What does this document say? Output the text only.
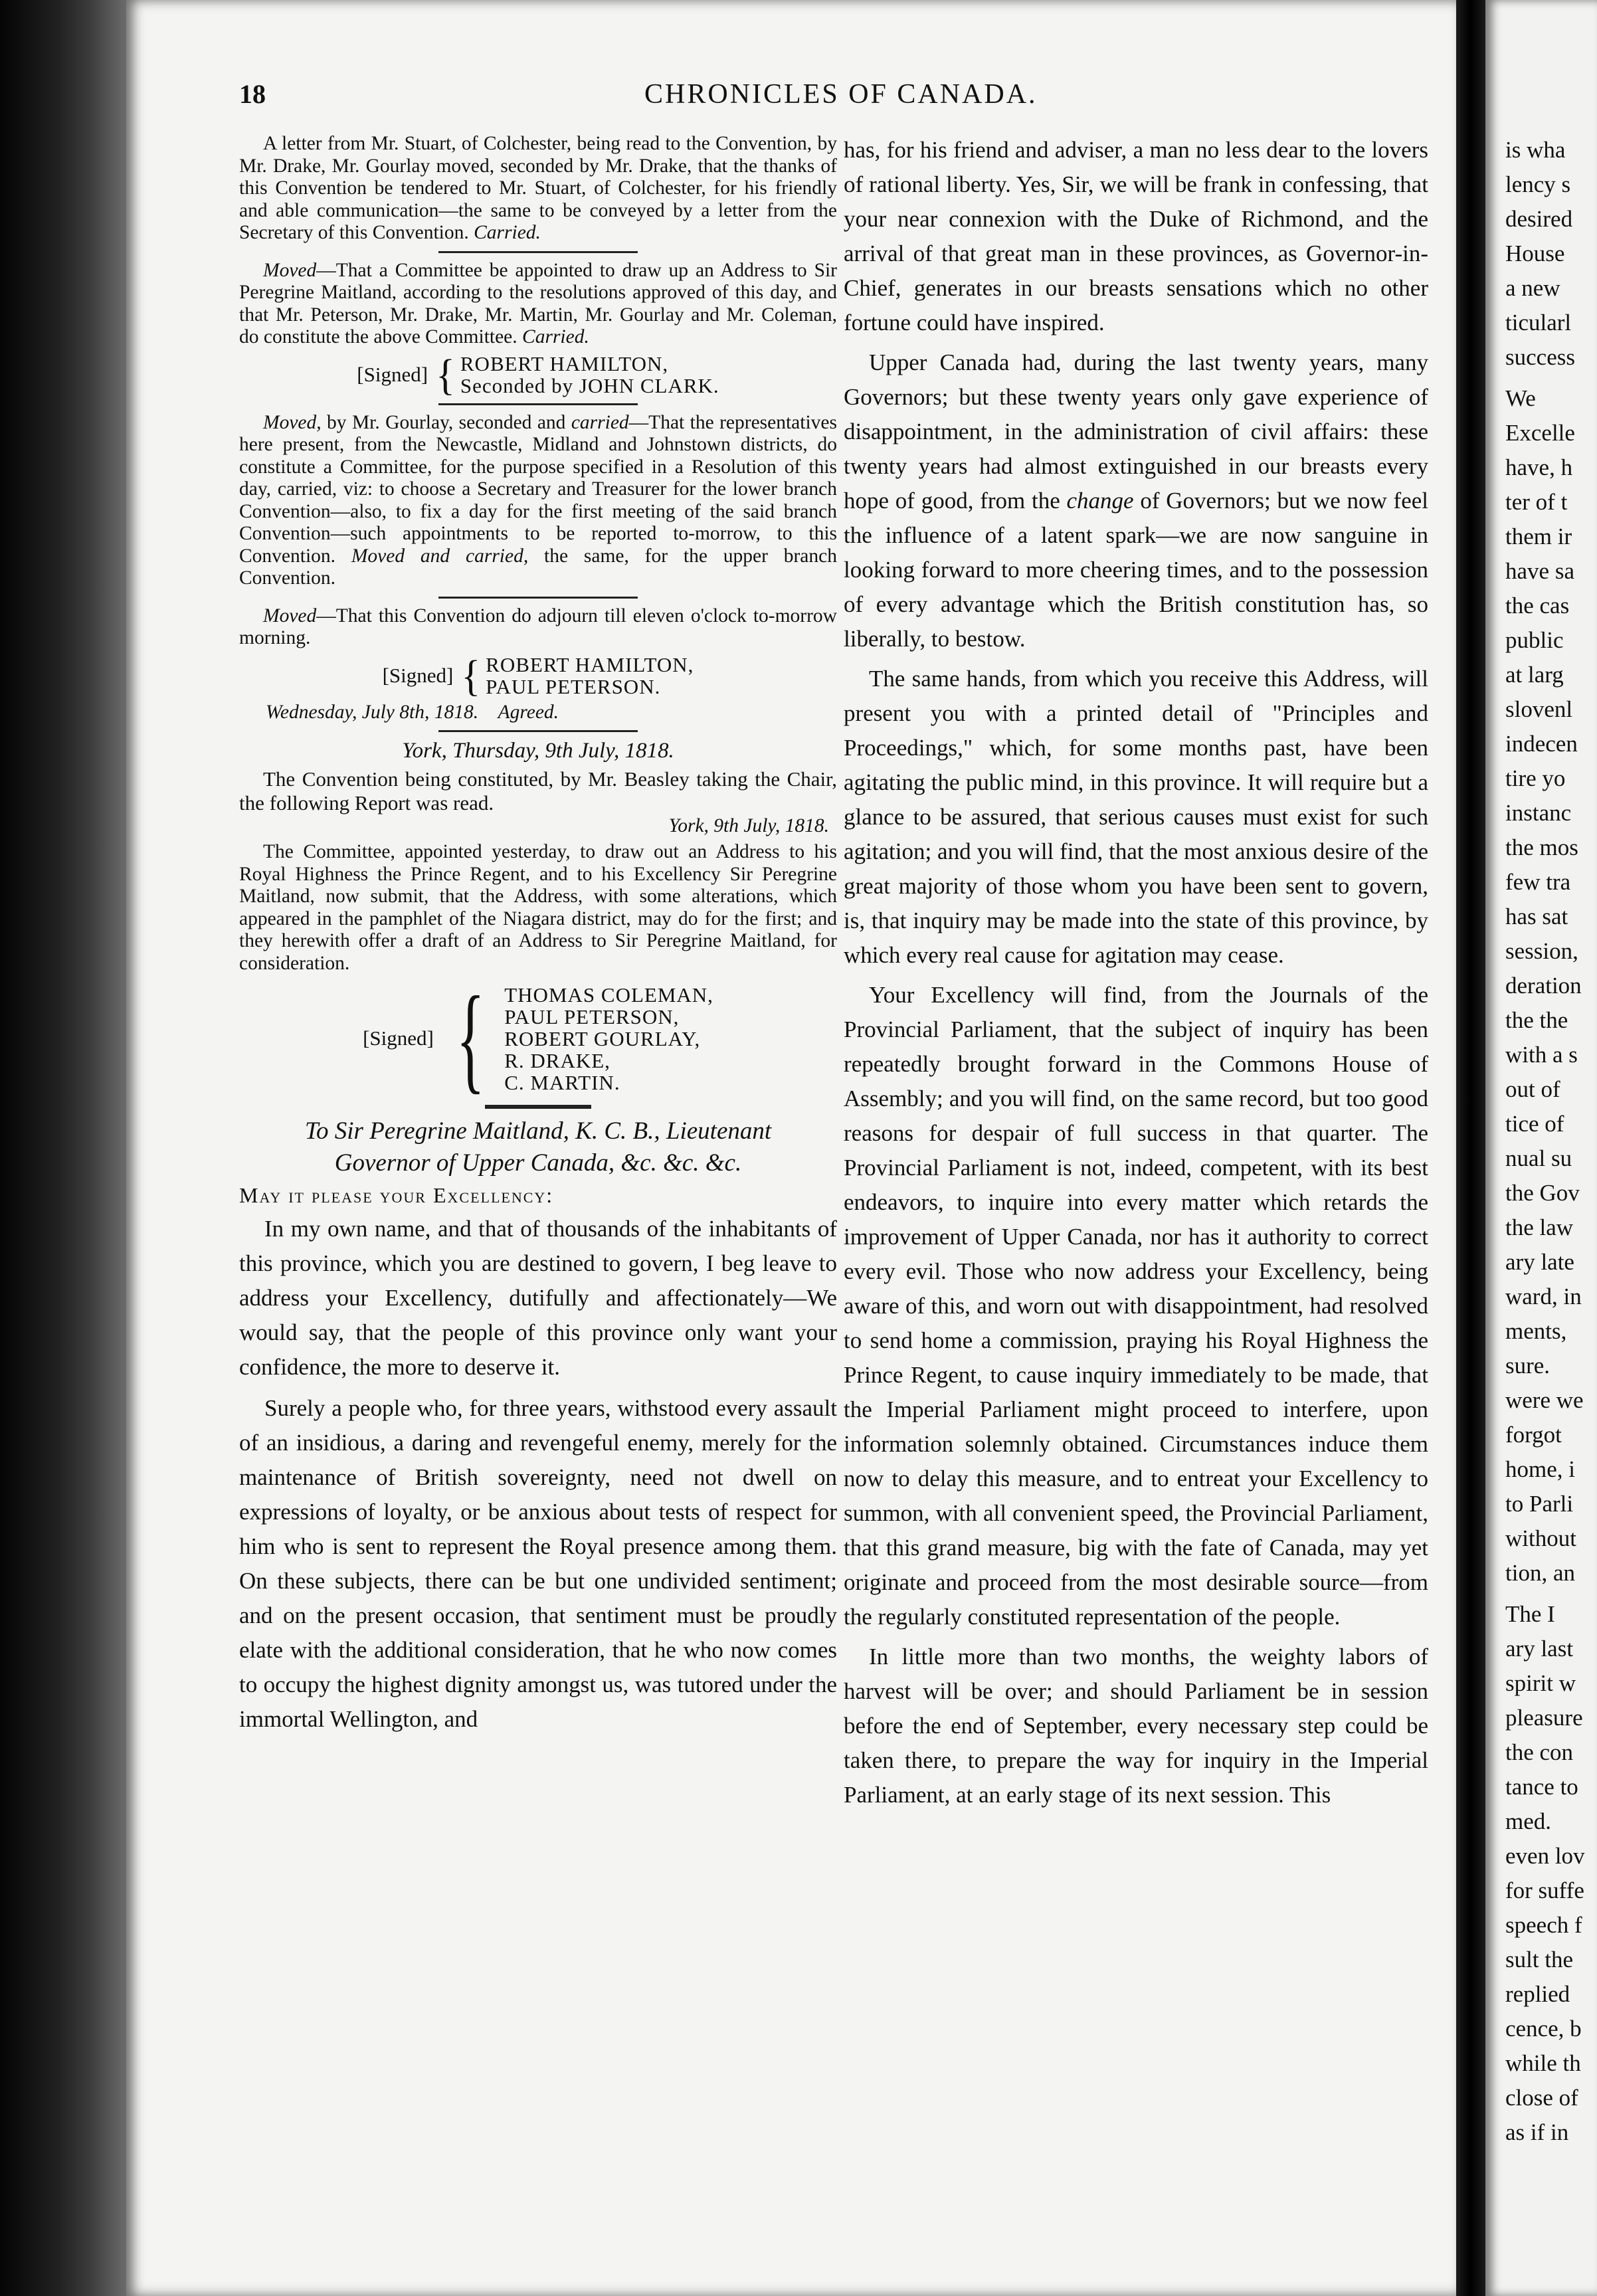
18	CHRONICLES OF CANADA.

A letter from Mr. Stuart, of Colchester, being read to the Convention, by Mr. Drake, Mr. Gourlay moved, seconded by Mr. Drake, that the thanks of this Convention be tendered to Mr. Stuart, of Colchester, for his friendly and able communication—the same to be conveyed by a letter from the Secretary of this Convention. Carried.

Moved—That a Committee be appointed to draw up an Address to Sir Peregrine Maitland, according to the resolutions approved of this day, and that Mr. Peterson, Mr. Drake, Mr. Martin, Mr. Gourlay and Mr. Coleman, do constitute the above Committee. Carried.

[Signed] { ROBERT HAMILTON,
Seconded by JOHN CLARK.

Moved, by Mr. Gourlay, seconded and carried—That the representatives here present, from the Newcastle, Midland and Johnstown districts, do constitute a Committee, for the purpose specified in a Resolution of this day, carried, viz: to choose a Secretary and Treasurer for the lower branch Convention—also, to fix a day for the first meeting of the said branch Convention—such appointments to be reported to-morrow, to this Convention. Moved and carried, the same, for the upper branch Convention.

Moved—That this Convention do adjourn till eleven o'clock to-morrow morning.

[Signed] { ROBERT HAMILTON,
PAUL PETERSON.

Wednesday, July 8th, 1818. Agreed.

York, Thursday, 9th July, 1818.

The Convention being constituted, by Mr. Beasley taking the Chair, the following Report was read.

York, 9th July, 1818.

The Committee, appointed yesterday, to draw out an Address to his Royal Highness the Prince Regent, and to his Excellency Sir Peregrine Maitland, now submit, that the Address, with some alterations, which appeared in the pamphlet of the Niagara district, may do for the first; and they herewith offer a draft of an Address to Sir Peregrine Maitland, for consideration.

[Signed] { THOMAS COLEMAN,
PAUL PETERSON,
ROBERT GOURLAY,
R. DRAKE,
C. MARTIN.

To Sir Peregrine Maitland, K. C. B., Lieutenant
Governor of Upper Canada, &c. &c. &c.

May it please your Excellency:

In my own name, and that of thousands of the inhabitants of this province, which you are destined to govern, I beg leave to address your Excellency, dutifully and affectionately—We would say, that the people of this province only want your confidence, the more to deserve it.

Surely a people who, for three years, withstood every assault of an insidious, a daring and revengeful enemy, merely for the maintenance of British sovereignty, need not dwell on expressions of loyalty, or be anxious about tests of respect for him who is sent to represent the Royal presence among them. On these subjects, there can be but one undivided sentiment; and on the present occasion, that sentiment must be proudly elate with the additional consideration, that he who now comes to occupy the highest dignity amongst us, was tutored under the immortal Wellington, and

has, for his friend and adviser, a man no less dear to the lovers of rational liberty. Yes, Sir, we will be frank in confessing, that your near connexion with the Duke of Richmond, and the arrival of that great man in these provinces, as Governor-in-Chief, generates in our breasts sensations which no other fortune could have inspired.

Upper Canada had, during the last twenty years, many Governors; but these twenty years only gave experience of disappointment, in the administration of civil affairs: these twenty years had almost extinguished in our breasts every hope of good, from the change of Governors; but we now feel the influence of a latent spark—we are now sanguine in looking forward to more cheering times, and to the possession of every advantage which the British constitution has, so liberally, to bestow.

The same hands, from which you receive this Address, will present you with a printed detail of "Principles and Proceedings," which, for some months past, have been agitating the public mind, in this province. It will require but a glance to be assured, that serious causes must exist for such agitation; and you will find, that the most anxious desire of the great majority of those whom you have been sent to govern, is, that inquiry may be made into the state of this province, by which every real cause for agitation may cease.

Your Excellency will find, from the Journals of the Provincial Parliament, that the subject of inquiry has been repeatedly brought forward in the Commons House of Assembly; and you will find, on the same record, but too good reasons for despair of full success in that quarter. The Provincial Parliament is not, indeed, competent, with its best endeavors, to inquire into every matter which retards the improvement of Upper Canada, nor has it authority to correct every evil. Those who now address your Excellency, being aware of this, and worn out with disappointment, had resolved to send home a commission, praying his Royal Highness the Prince Regent, to cause inquiry immediately to be made, that the Imperial Parliament might proceed to interfere, upon information solemnly obtained. Circumstances induce them now to delay this measure, and to entreat your Excellency to summon, with all convenient speed, the Provincial Parliament, that this grand measure, big with the fate of Canada, may yet originate and proceed from the most desirable source—from the regularly constituted representation of the people.

In little more than two months, the weighty labors of harvest will be over; and should Parliament be in session before the end of September, every necessary step could be taken there, to prepare the way for inquiry in the Imperial Parliament, at an early stage of its next session. This

is wha
lency s
desired
House
a new
ticularl
success
We
Excelle
have, h
ter of t
them ir
have sa
the cas
public
at larg
slovenl
indecen
tire yo
instanc
the mos
few tra
has sat
session,
deration
the the
with a s
out of
tice of
nual su
the Gov
the law
ary late
ward, in
ments,
sure.
were we
forgot
home, i
to Parli
without
tion, an
The I
ary last
spirit w
pleasure
the con
tance to
med.
even lov
for suffe
speech f
sult the
replied
cence, b
while th
close of
as if in
